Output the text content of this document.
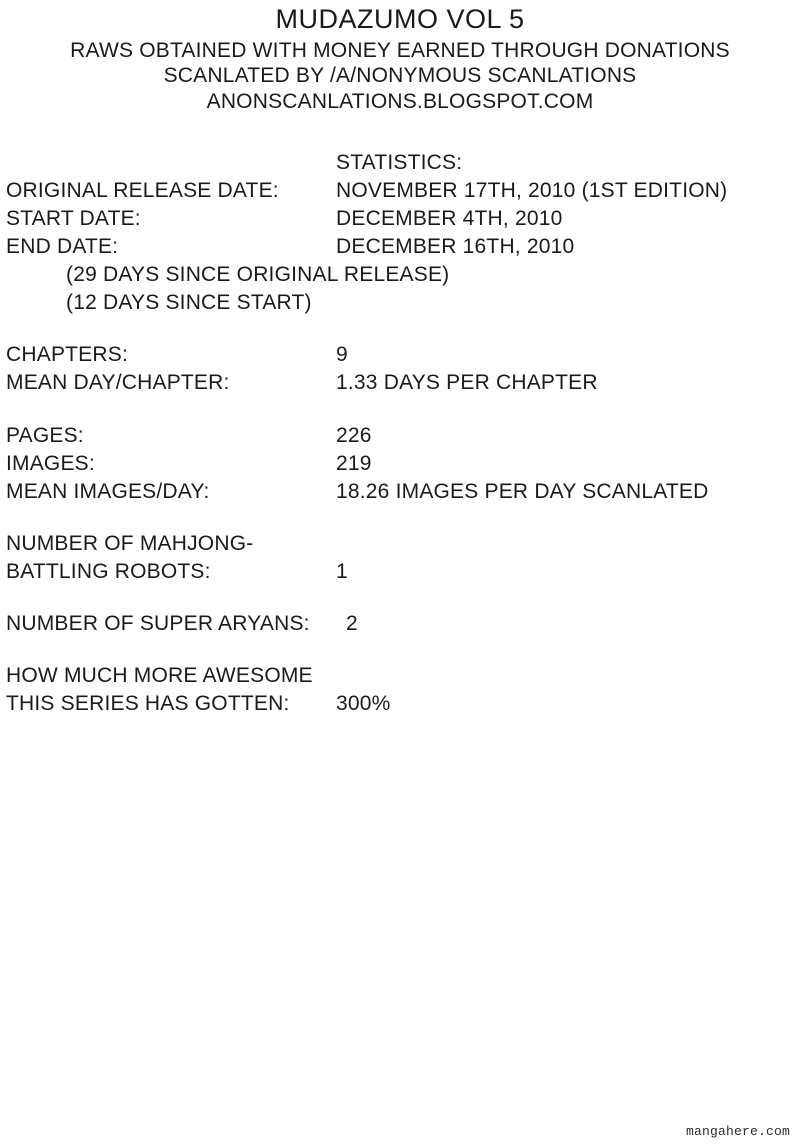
MUDAZUMO VOL 5

RAWS OBTAINED WITH MONEY EARNED THROUGH DONATIONS

SCANLATED BY /A/NONYMOUS SCANLATIONS

ANONSCANLATIONS.BLOGSPOT.COM

STATISTICS:

ORIGINAL RELEASE DATE:	NOVEMBER 17TH, 2010 (1ST EDITION)
START DATE:	DECEMBER 4TH, 2010
END DATE:	DECEMBER 16TH, 2010
(29 DAYS SINCE ORIGINAL RELEASE)
(12 DAYS SINCE START)
CHAPTERS:	9
MEAN DAY/CHAPTER:	1.33 DAYS PER CHAPTER
PAGES:	226
IMAGES:	219
MEAN IMAGES/DAY:	18.26 IMAGES PER DAY SCANLATED
NUMBER OF MAHJONG-
BATTLING ROBOTS:	1
NUMBER OF SUPER ARYANS:	2
HOW MUCH MORE AWESOME
THIS SERIES HAS GOTTEN:	300%
mangahere.com
